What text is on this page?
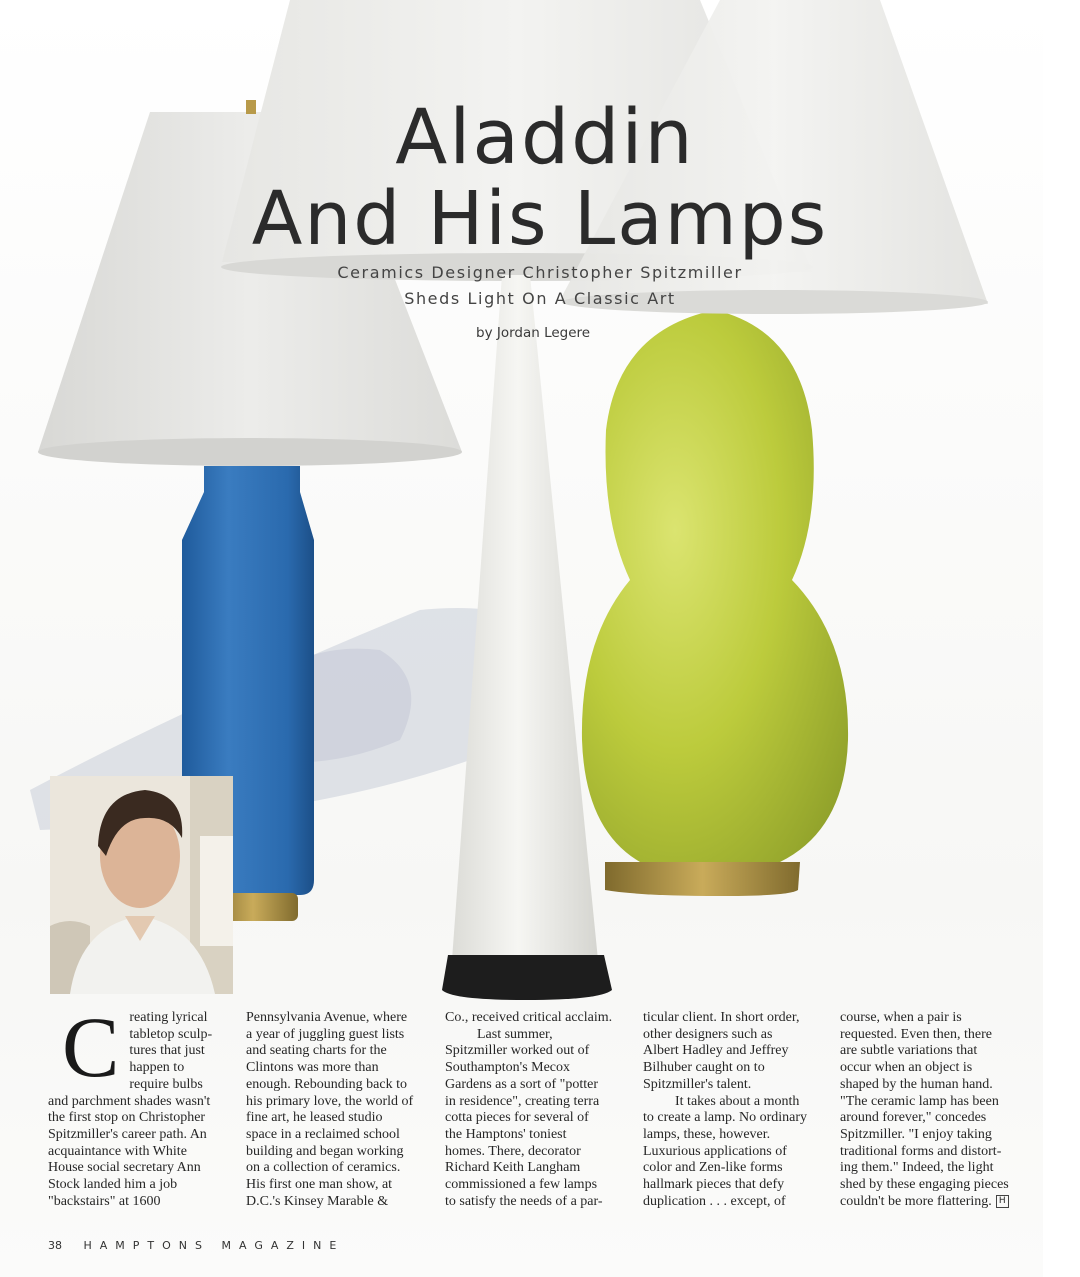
Aladdin
And His Lamps
Ceramics Designer Christopher Spitzmiller
Sheds Light On A Classic Art
by Jordan Legere
C reating lyrical
tabletop sculp-
tures that just
happen to
require bulbs
and parchment shades wasn't
the first stop on Christopher
Spitzmiller's career path. An
acquaintance with White
House social secretary Ann
Stock landed him a job
"backstairs" at 1600
Pennsylvania Avenue, where
a year of juggling guest lists
and seating charts for the
Clintons was more than
enough. Rebounding back to
his primary love, the world of
fine art, he leased studio
space in a reclaimed school
building and began working
on a collection of ceramics.
His first one man show, at
D.C.'s Kinsey Marable &
Co., received critical acclaim.
Last summer,
Spitzmiller worked out of
Southampton's Mecox
Gardens as a sort of "potter
in residence", creating terra
cotta pieces for several of
the Hamptons' toniest
homes. There, decorator
Richard Keith Langham
commissioned a few lamps
to satisfy the needs of a par-
ticular client. In short order,
other designers such as
Albert Hadley and Jeffrey
Bilhuber caught on to
Spitzmiller's talent.
It takes about a month
to create a lamp. No ordinary
lamps, these, however.
Luxurious applications of
color and Zen-like forms
hallmark pieces that defy
duplication . . . except, of
course, when a pair is
requested. Even then, there
are subtle variations that
occur when an object is
shaped by the human hand.
"The ceramic lamp has been
around forever," concedes
Spitzmiller. "I enjoy taking
traditional forms and distort-
ing them." Indeed, the light
shed by these engaging pieces
couldn't be more flattering. H
38 HAMPTONS MAGAZINE
